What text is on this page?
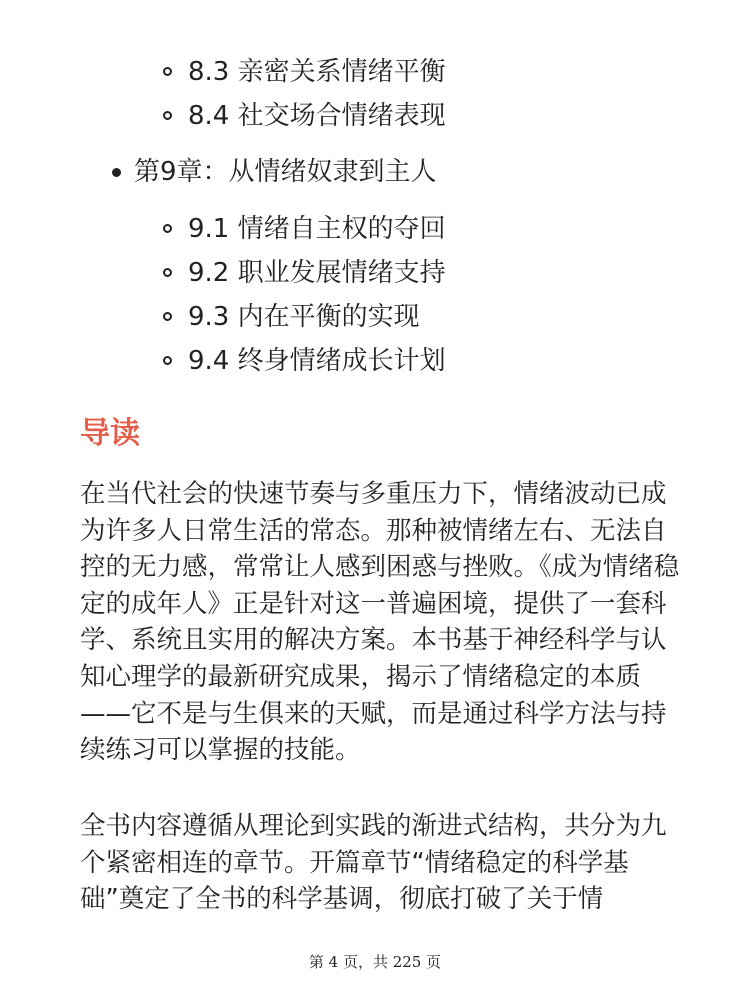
8.3 亲密关系情绪平衡
8.4 社交场合情绪表现
第9章：从情绪奴隶到主人
9.1 情绪自主权的夺回
9.2 职业发展情绪支持
9.3 内在平衡的实现
9.4 终身情绪成长计划
导读

在当代社会的快速节奏与多重压力下，情绪波动已成为许多人日常生活的常态。那种被情绪左右、无法自控的无力感，常常让人感到困惑与挫败。《成为情绪稳定的成年人》正是针对这一普遍困境，提供了一套科学、系统且实用的解决方案。本书基于神经科学与认知心理学的最新研究成果，揭示了情绪稳定的本质——它不是与生俱来的天赋，而是通过科学方法与持续练习可以掌握的技能。

全书内容遵循从理论到实践的渐进式结构，共分为九个紧密相连的章节。开篇章节“情绪稳定的科学基础”奠定了全书的科学基调，彻底打破了关于情

第 4 页，共 225 页
